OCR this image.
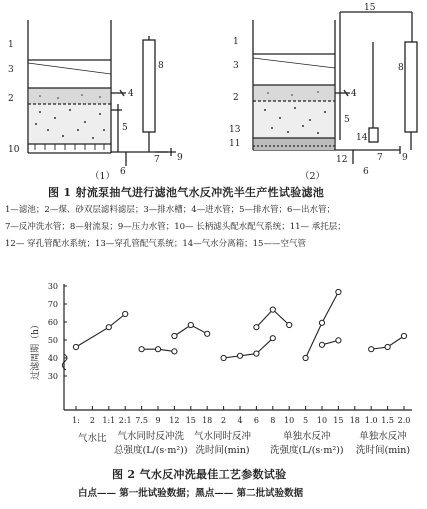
1
3
2	4
5
8
10
6
7 9
15
1
3
2	4
5
8
13
11
14
12	7
6
9
（1）	（2）
图 1 射流泵抽气进行滤池气水反冲洗半生产性试验滤池
1—滤池；2—煤、砂双层滤料滤层；3—排水槽；4—进水管；5—排水管；6—出水管；
7—反冲洗水管；8—射流泵；9—压力水管；10— 长柄滤头配水配气系统；11— 承托层；
12— 穿孔管配水系统；13—穿孔管配气系统；14—气水分离箱；15——空气管
过滤周期（h）
30
70
60
50
40
30
1: 2 1:1 2:1 7.5 9 12 15 18 2 4 6 8 10 5 10 15 18 1.0 1.5 2.0
气水比	气水同时反冲洗
总强度(L/(s·m²))
气水同时反冲
洗时间(min)
单独水反冲
洗强度(L/(s·m²))
单独水反冲
洗时间(min)
图 2 气水反冲洗最佳工艺参数试验
白点—— 第一批试验数据；黑点—— 第二批试验数据
